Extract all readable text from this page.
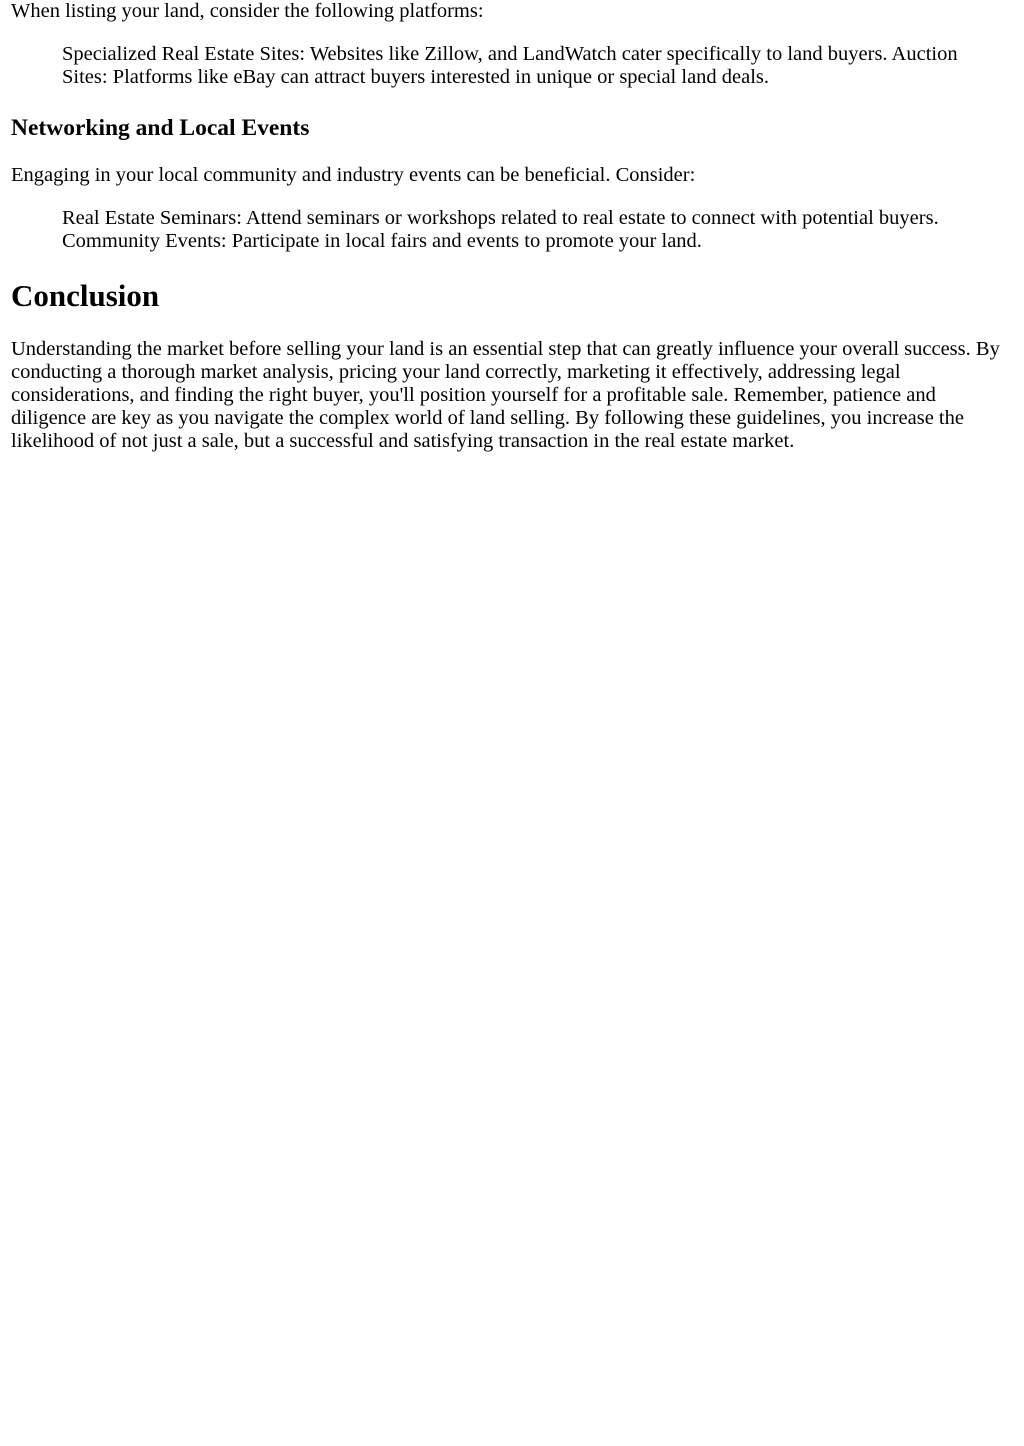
When listing your land, consider the following platforms:

Specialized Real Estate Sites: Websites like Zillow, and LandWatch cater specifically to land buyers. Auction Sites: Platforms like eBay can attract buyers interested in unique or special land deals.
Networking and Local Events

Engaging in your local community and industry events can be beneficial. Consider:

Real Estate Seminars: Attend seminars or workshops related to real estate to connect with potential buyers. Community Events: Participate in local fairs and events to promote your land.
Conclusion

Understanding the market before selling your land is an essential step that can greatly influence your overall success. By conducting a thorough market analysis, pricing your land correctly, marketing it effectively, addressing legal considerations, and finding the right buyer, you'll position yourself for a profitable sale. Remember, patience and diligence are key as you navigate the complex world of land selling. By following these guidelines, you increase the likelihood of not just a sale, but a successful and satisfying transaction in the real estate market.
